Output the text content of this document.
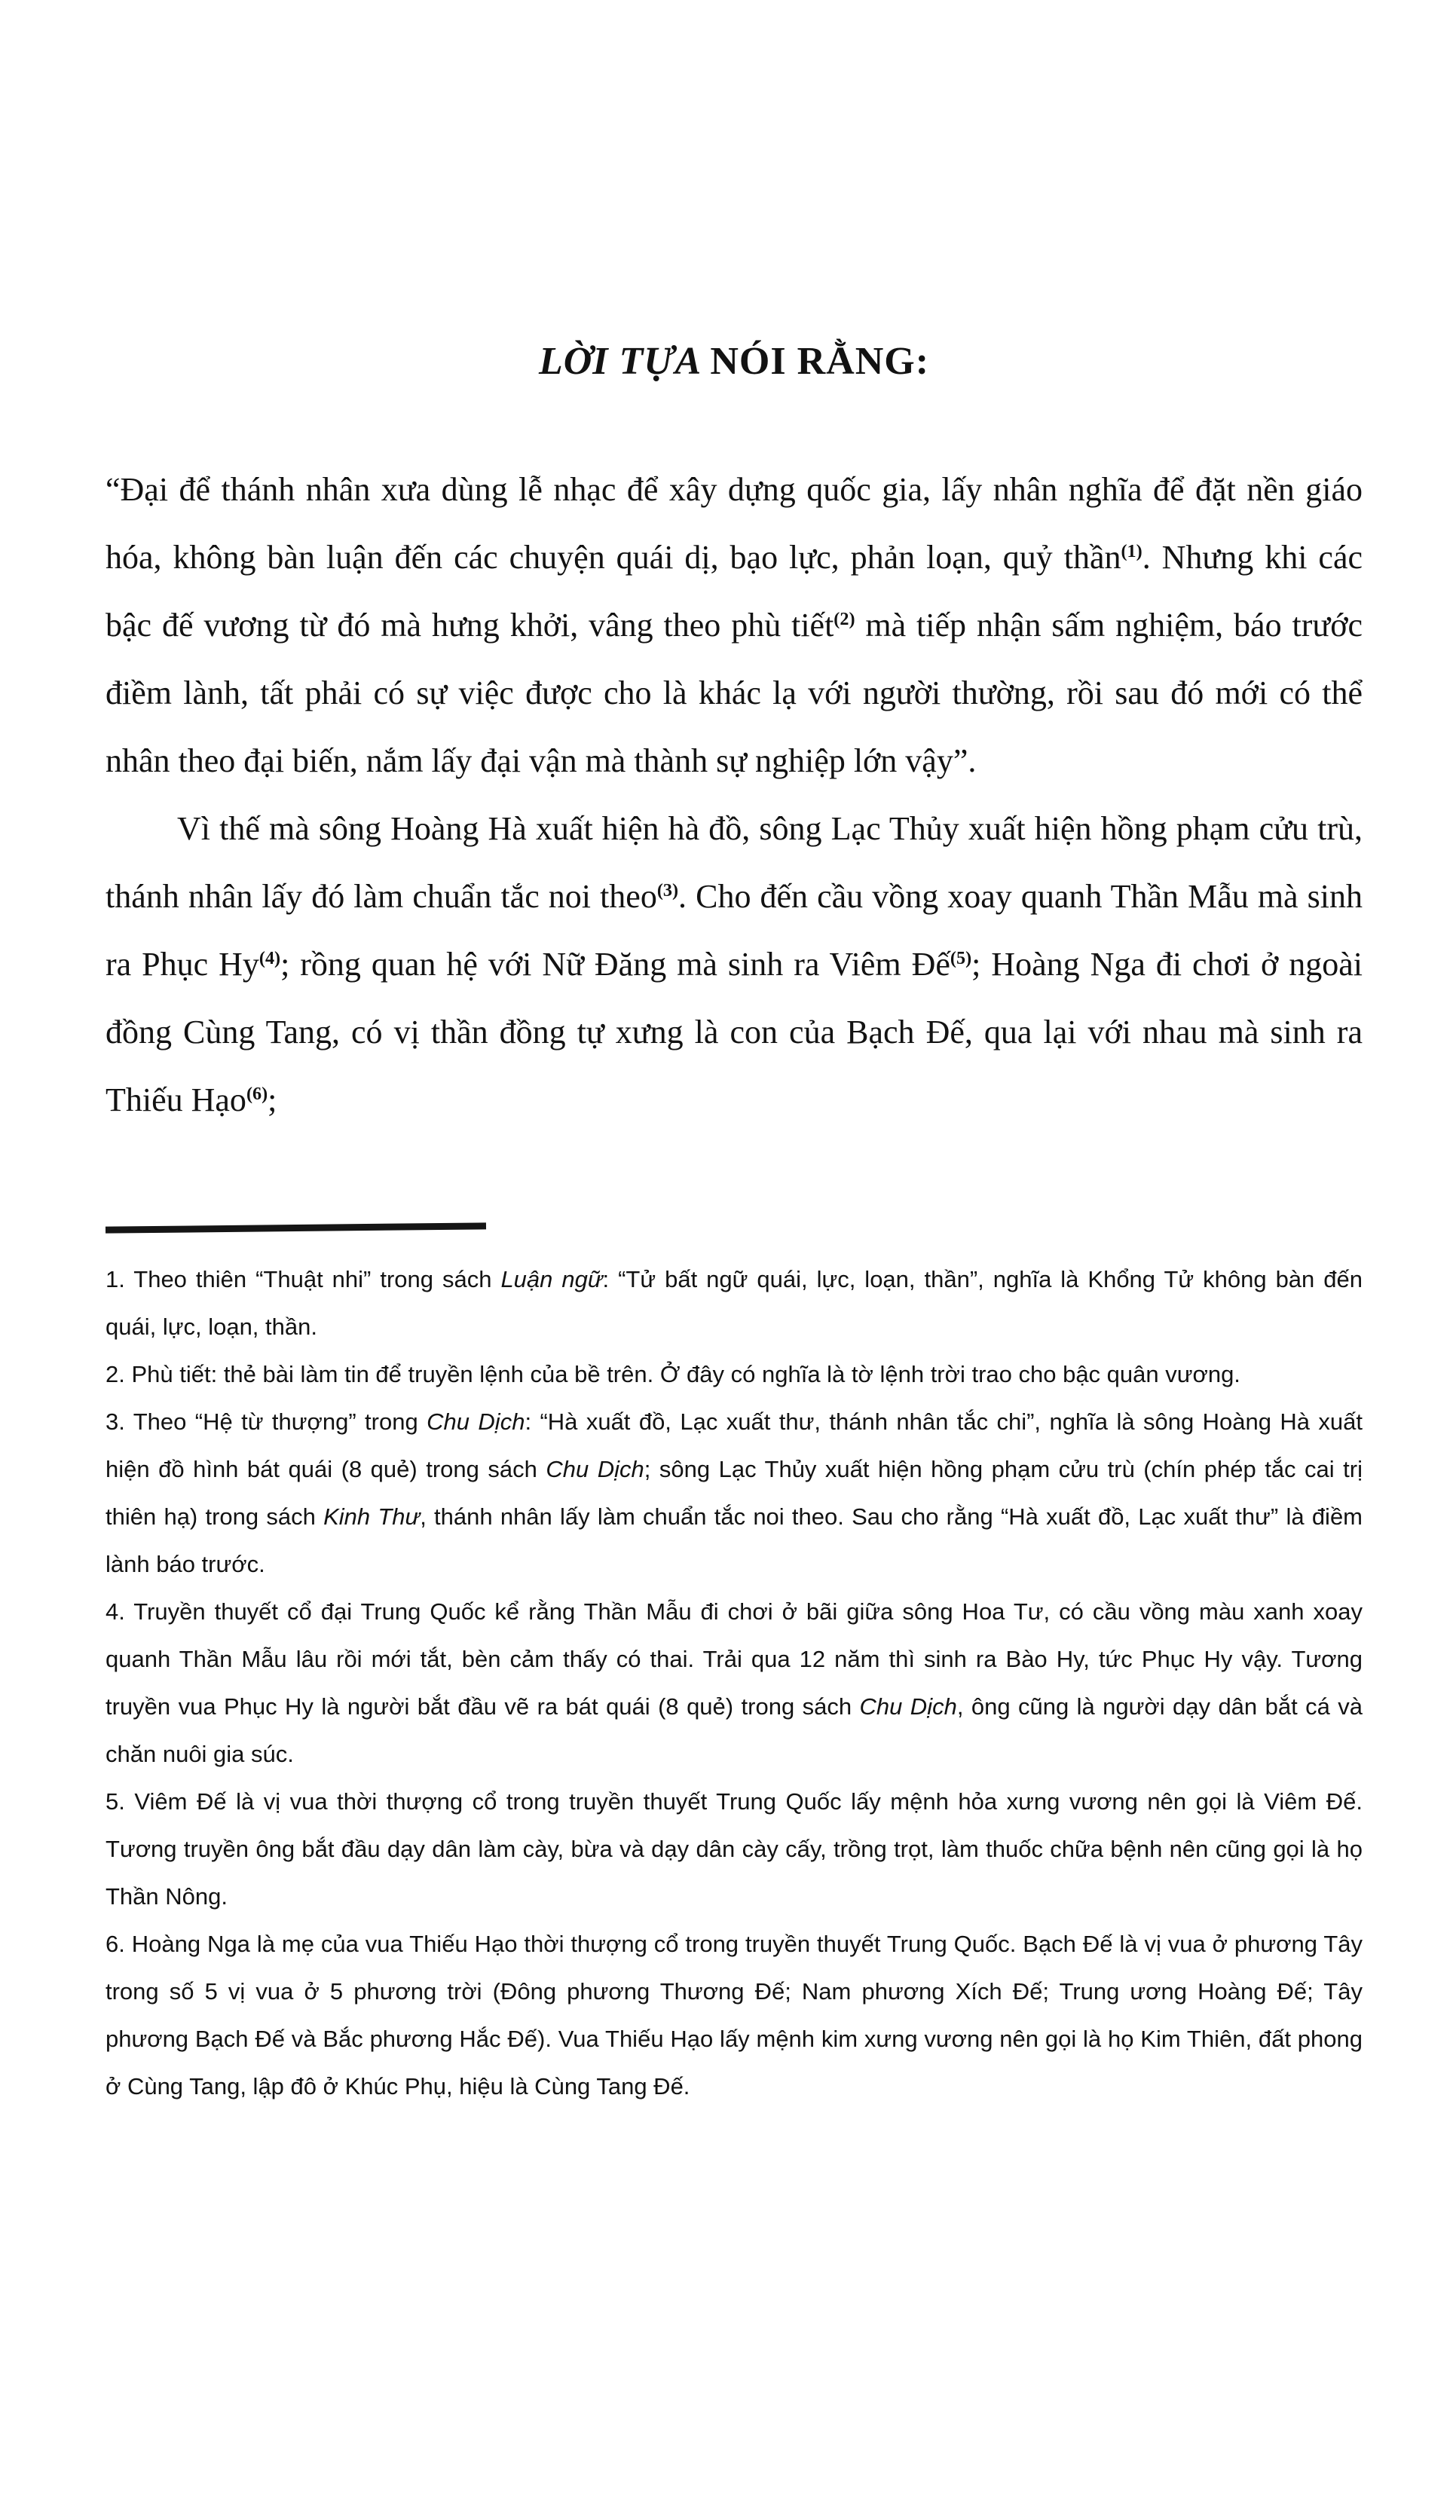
LỜI TỰA NÓI RẰNG:

“Đại để thánh nhân xưa dùng lễ nhạc để xây dựng quốc gia, lấy nhân nghĩa để đặt nền giáo hóa, không bàn luận đến các chuyện quái dị, bạo lực, phản loạn, quỷ thần$^{(1)}$. Nhưng khi các bậc đế vương từ đó mà hưng khởi, vâng theo phù tiết$^{(2)}$ mà tiếp nhận sấm nghiệm, báo trước điềm lành, tất phải có sự việc được cho là khác lạ với người thường, rồi sau đó mới có thể nhân theo đại biến, nắm lấy đại vận mà thành sự nghiệp lớn vậy”.

Vì thế mà sông Hoàng Hà xuất hiện hà đồ, sông Lạc Thủy xuất hiện hồng phạm cửu trù, thánh nhân lấy đó làm chuẩn tắc noi theo$^{(3)}$. Cho đến cầu vồng xoay quanh Thần Mẫu mà sinh ra Phục Hy$^{(4)}$; rồng quan hệ với Nữ Đăng mà sinh ra Viêm Đế$^{(5)}$; Hoàng Nga đi chơi ở ngoài đồng Cùng Tang, có vị thần đồng tự xưng là con của Bạch Đế, qua lại với nhau mà sinh ra Thiếu Hạo$^{(6)}$;

1. Theo thiên “Thuật nhi” trong sách Luận ngữ: “Tử bất ngữ quái, lực, loạn, thần”, nghĩa là Khổng Tử không bàn đến quái, lực, loạn, thần.

2. Phù tiết: thẻ bài làm tin để truyền lệnh của bề trên. Ở đây có nghĩa là tờ lệnh trời trao cho bậc quân vương.

3. Theo “Hệ từ thượng” trong Chu Dịch: “Hà xuất đồ, Lạc xuất thư, thánh nhân tắc chi”, nghĩa là sông Hoàng Hà xuất hiện đồ hình bát quái (8 quẻ) trong sách Chu Dịch; sông Lạc Thủy xuất hiện hồng phạm cửu trù (chín phép tắc cai trị thiên hạ) trong sách Kinh Thư, thánh nhân lấy làm chuẩn tắc noi theo. Sau cho rằng “Hà xuất đồ, Lạc xuất thư” là điềm lành báo trước.

4. Truyền thuyết cổ đại Trung Quốc kể rằng Thần Mẫu đi chơi ở bãi giữa sông Hoa Tư, có cầu vồng màu xanh xoay quanh Thần Mẫu lâu rồi mới tắt, bèn cảm thấy có thai. Trải qua 12 năm thì sinh ra Bào Hy, tức Phục Hy vậy. Tương truyền vua Phục Hy là người bắt đầu vẽ ra bát quái (8 quẻ) trong sách Chu Dịch, ông cũng là người dạy dân bắt cá và chăn nuôi gia súc.

5. Viêm Đế là vị vua thời thượng cổ trong truyền thuyết Trung Quốc lấy mệnh hỏa xưng vương nên gọi là Viêm Đế. Tương truyền ông bắt đầu dạy dân làm cày, bừa và dạy dân cày cấy, trồng trọt, làm thuốc chữa bệnh nên cũng gọi là họ Thần Nông.

6. Hoàng Nga là mẹ của vua Thiếu Hạo thời thượng cổ trong truyền thuyết Trung Quốc. Bạch Đế là vị vua ở phương Tây trong số 5 vị vua ở 5 phương trời (Đông phương Thương Đế; Nam phương Xích Đế; Trung ương Hoàng Đế; Tây phương Bạch Đế và Bắc phương Hắc Đế). Vua Thiếu Hạo lấy mệnh kim xưng vương nên gọi là họ Kim Thiên, đất phong ở Cùng Tang, lập đô ở Khúc Phụ, hiệu là Cùng Tang Đế.
